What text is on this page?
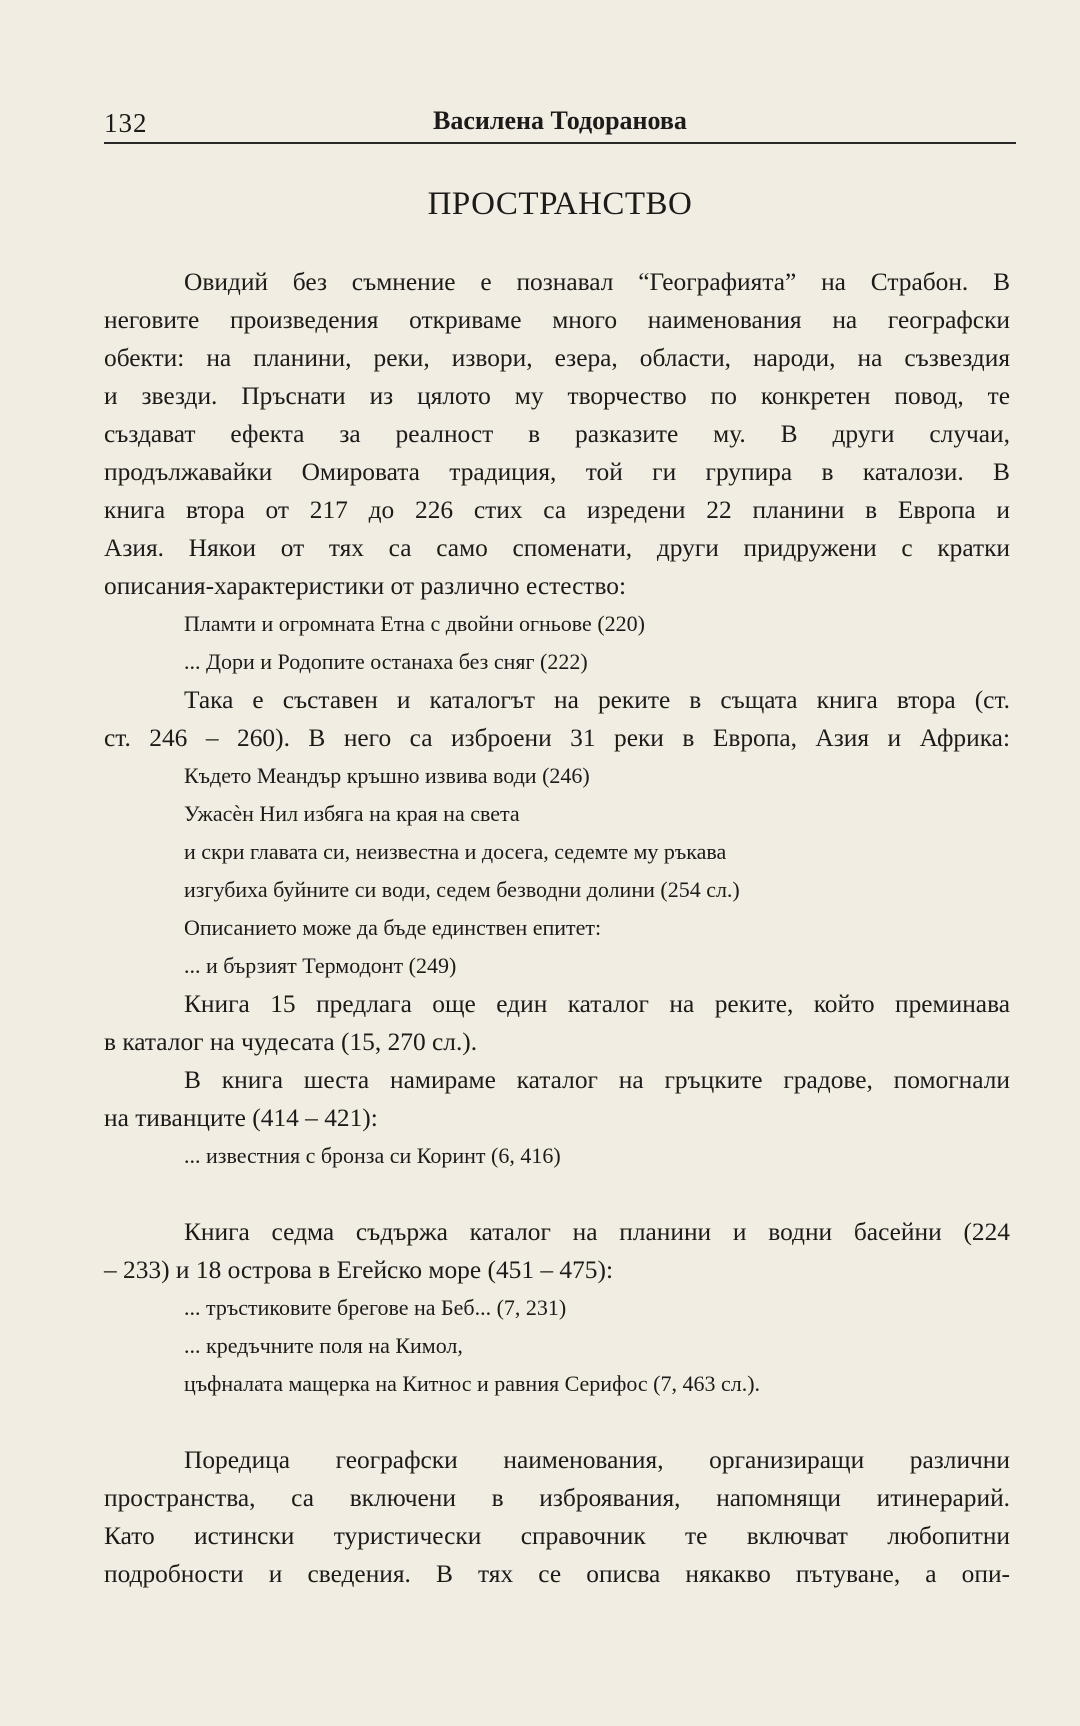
132	Василена Тодоранова
ПРОСТРАНСТВО
Овидий без съмнение е познавал “Географията” на Страбон. В
неговите произведения откриваме много наименования на географски
обекти: на планини, реки, извори, езера, области, народи, на съзвездия
и звезди. Пръснати из цялото му творчество по конкретен повод, те
създават ефекта за реалност в разказите му. В други случаи,
продължавайки Омировата традиция, той ги групира в каталози. В
книга втора от 217 до 226 стих са изредени 22 планини в Европа и
Азия. Някои от тях са само споменати, други придружени с кратки
описания-характеристики от различно естество:
Пламти и огромната Етна с двойни огньове (220)
... Дори и Родопите останаха без сняг (222)
Така е съставен и каталогът на реките в същата книга втора (ст.
ст. 246 – 260). В него са изброени 31 реки в Европа, Азия и Африка:
Където Меандър кръшно извива води (246)
Ужасèн Нил избяга на края на света
и скри главата си, неизвестна и досега, седемте му ръкава
изгубиха буйните си води, седем безводни долини (254 сл.)
Описанието може да бъде единствен епитет:
... и бързият Термодонт (249)
Книга 15 предлага още един каталог на реките, който преминава
в каталог на чудесата (15, 270 сл.).
В книга шеста намираме каталог на гръцките градове, помогнали
на тиванците (414 – 421):
... известния с бронза си Коринт (6, 416)
Книга седма съдържа каталог на планини и водни басейни (224
– 233) и 18 острова в Егейско море (451 – 475):
... тръстиковите брегове на Беб... (7, 231)
... кредъчните поля на Кимол,
цъфналата мащерка на Китнос и равния Серифос (7, 463 сл.).
Поредица географски наименования, организиращи различни
пространства, са включени в изброявания, напомнящи итинерарий.
Като истински туристически справочник те включват любопитни
подробности и сведения. В тях се описва някакво пътуване, а опи-
